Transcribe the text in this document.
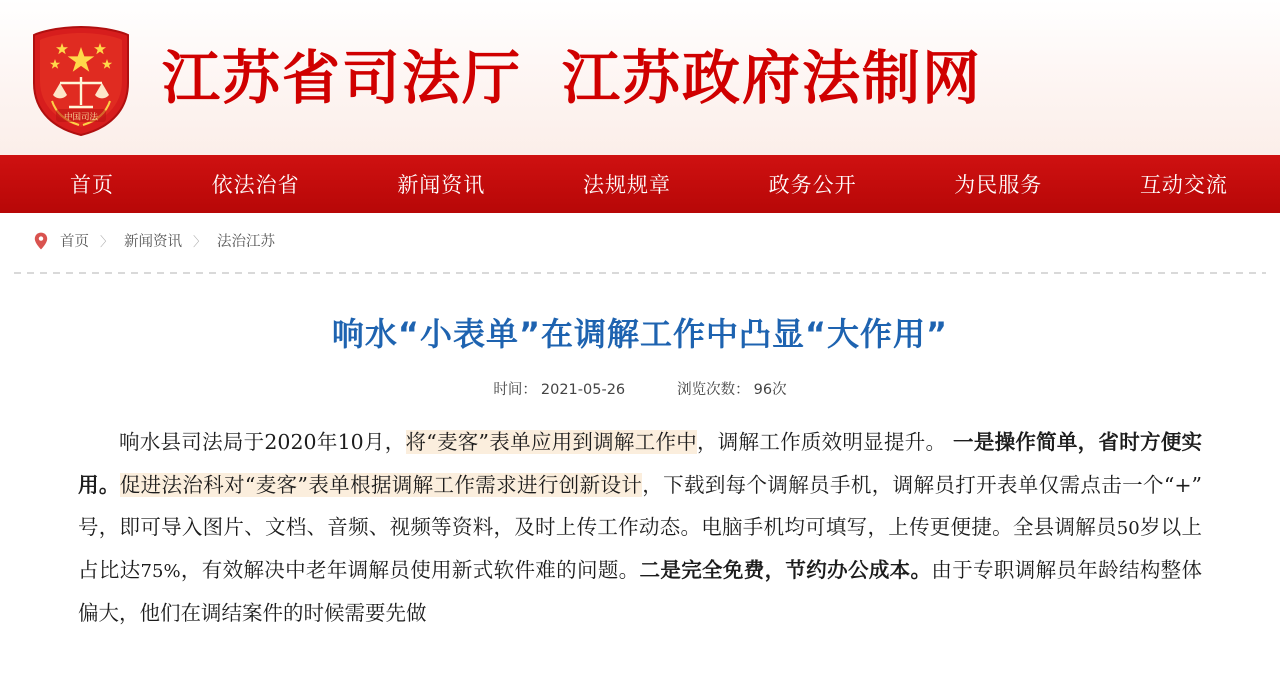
中国司法
江苏省司法厅 江苏政府法制网
首页	依法治省	新闻资讯	法规规章	政务公开	为民服务	互动交流
首页 〉 新闻资讯 〉 法治江苏
响水“小表单”在调解工作中凸显“大作用”
时间： 2021-05-26	浏览次数： 96次

响水县司法局于2020年10月，将“麦客”表单应用到调解工作中，调解工作质效明显提升。 一是操作简单，省时方便实用。促进法治科对“麦客”表单根据调解工作需求进行创新设计，下载到每个调解员手机，调解员打开表单仅需点击一个“+”号，即可导入图片、文档、音频、视频等资料，及时上传工作动态。电脑手机均可填写，上传更便捷。全县调解员50岁以上占比达75%，有效解决中老年调解员使用新式软件难的问题。二是完全免费，节约办公成本。由于专职调解员年龄结构整体偏大，他们在调结案件的时候需要先做
